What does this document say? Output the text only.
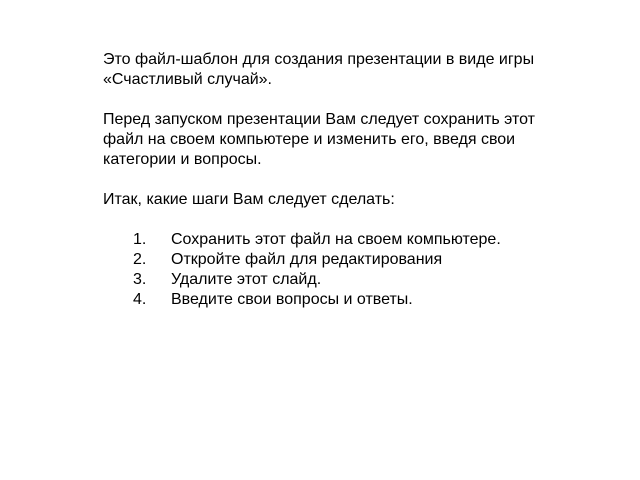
Это файл-шаблон для создания презентации в виде игры «Счастливый случай».

Перед запуском презентации Вам следует сохранить этот файл на своем компьютере и изменить его, введя свои категории и вопросы.

Итак, какие шаги Вам следует сделать:

1.	Сохранить этот файл на своем компьютере.
2.	Откройте файл для редактирования
3.	Удалите этот слайд.
4.	Введите свои вопросы и ответы.
